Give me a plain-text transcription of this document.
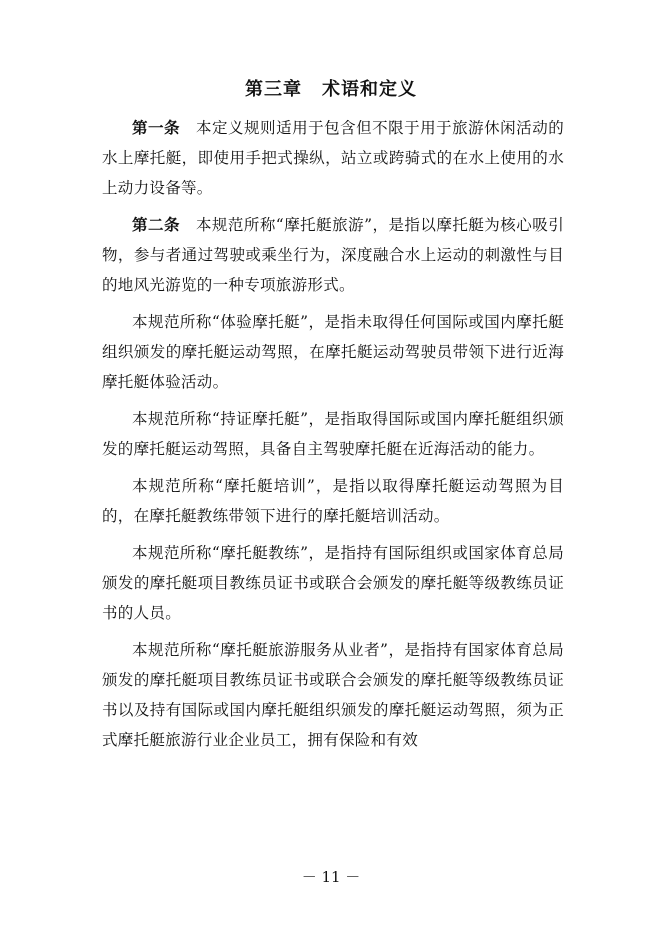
第三章 术语和定义

第一条 本定义规则适用于包含但不限于用于旅游休闲活动的水上摩托艇，即使用手把式操纵，站立或跨骑式的在水上使用的水上动力设备等。

第二条 本规范所称“摩托艇旅游”，是指以摩托艇为核心吸引物，参与者通过驾驶或乘坐行为，深度融合水上运动的刺激性与目的地风光游览的一种专项旅游形式。

本规范所称“体验摩托艇”，是指未取得任何国际或国内摩托艇组织颁发的摩托艇运动驾照，在摩托艇运动驾驶员带领下进行近海摩托艇体验活动。

本规范所称“持证摩托艇”，是指取得国际或国内摩托艇组织颁发的摩托艇运动驾照，具备自主驾驶摩托艇在近海活动的能力。

本规范所称“摩托艇培训”，是指以取得摩托艇运动驾照为目的，在摩托艇教练带领下进行的摩托艇培训活动。

本规范所称“摩托艇教练”，是指持有国际组织或国家体育总局颁发的摩托艇项目教练员证书或联合会颁发的摩托艇等级教练员证书的人员。

本规范所称“摩托艇旅游服务从业者”，是指持有国家体育总局颁发的摩托艇项目教练员证书或联合会颁发的摩托艇等级教练员证书以及持有国际或国内摩托艇组织颁发的摩托艇运动驾照，须为正式摩托艇旅游行业企业员工，拥有保险和有效

－ 11 －
